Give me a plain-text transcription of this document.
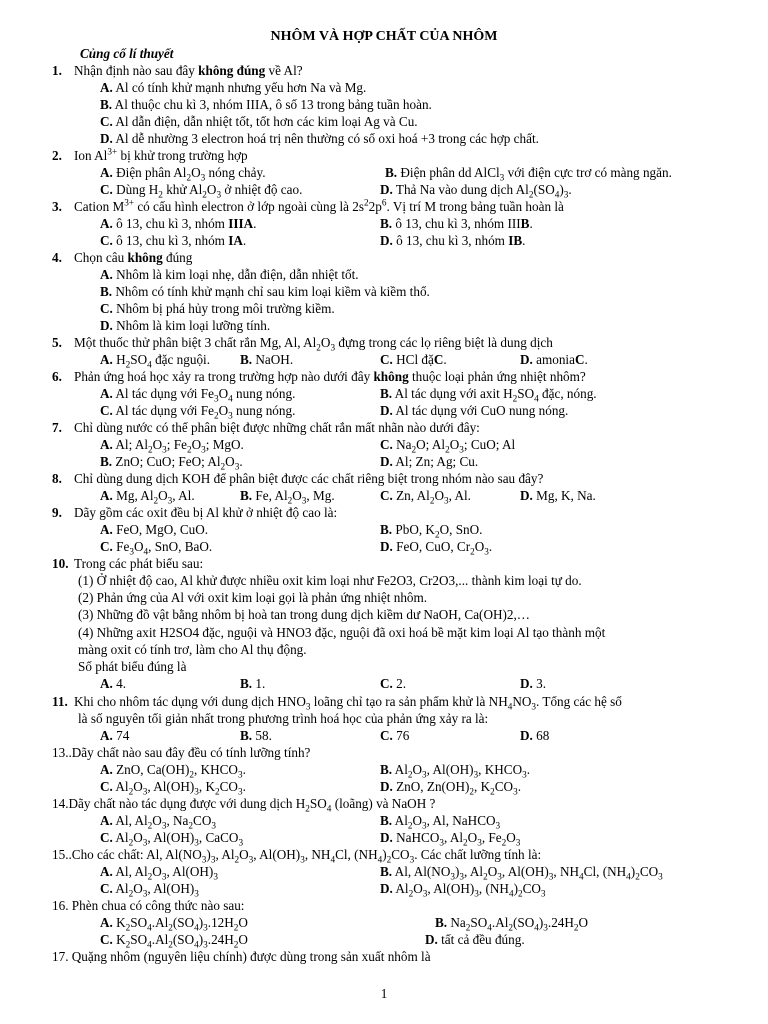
NHÔM VÀ HỢP CHẤT CỦA NHÔM
Củng cố lí thuyết
1. Nhận định nào sau đây không đúng về Al?
A. Al có tính khử mạnh nhưng yếu hơn Na và Mg.
B. Al thuộc chu kì 3, nhóm IIIA, ô số 13 trong bảng tuần hoàn.
C. Al dẫn điện, dẫn nhiệt tốt, tốt hơn các kim loại Ag và Cu.
D. Al dễ nhường 3 electron hoá trị nên thường có số oxi hoá +3 trong các hợp chất.
2. Ion $Al^{3+}$ bị khử trong trường hợp
A. Điện phân $Al_2O_3$ nóng chảy.	B. Điện phân dd AlCl$_3$ với điện cực trơ có màng ngăn.
C. Dùng $H_2$ khử $Al_2O_3$ ở nhiệt độ cao.	D. Thả Na vào dung dịch $Al_2(SO_4)_3$.
3. Cation $M^{3+}$ có cấu hình electron ở lớp ngoài cùng là $2s^22p^6$. Vị trí M trong bảng tuần hoàn là
A. ô 13, chu kì 3, nhóm IIIA.	B. ô 13, chu kì 3, nhóm IIIB.
C. ô 13, chu kì 3, nhóm IA.	D. ô 13, chu kì 3, nhóm IB.
4. Chọn câu không đúng
A. Nhôm là kim loại nhẹ, dẫn điện, dẫn nhiệt tốt.
B. Nhôm có tính khử mạnh chỉ sau kim loại kiềm và kiềm thổ.
C. Nhôm bị phá hủy trong môi trường kiềm.
D. Nhôm là kim loại lưỡng tính.
5. Một thuốc thử phân biệt 3 chất rắn Mg, Al, $Al_2O_3$ đựng trong các lọ riêng biệt là dung dịch
A. $H_2SO_4$ đặc nguội. B. NaOH.	C. HCl đặC.	D. amoniaC.
6. Phản ứng hoá học xảy ra trong trường hợp nào dưới đây không thuộc loại phản ứng nhiệt nhôm?
A. Al tác dụng với $Fe_3O_4$ nung nóng.	B. Al tác dụng với axit $H_2SO_4$ đặc, nóng.
C. Al tác dụng với $Fe_2O_3$ nung nóng.	D. Al tác dụng với CuO nung nóng.
7. Chỉ dùng nước có thể phân biệt được những chất rắn mất nhãn nào dưới đây:
A. Al; $Al_2O_3$; $Fe_2O_3$; MgO.	C. $Na_2O$; $Al_2O_3$; CuO; Al
B. ZnO; CuO; FeO; $Al_2O_3$.	D. Al; Zn; Ag; Cu.
8. Chỉ dùng dung dịch KOH để phân biệt được các chất riêng biệt trong nhóm nào sau đây?
A. Mg, $Al_2O_3$, Al.	B. Fe, $Al_2O_3$, Mg.	C. Zn, $Al_2O_3$, Al.	D. Mg, K, Na.
9. Dãy gồm các oxit đều bị Al khử ở nhiệt độ cao là:
A. FeO, MgO, CuO.	B. PbO, $K_2O$, SnO.
C. $Fe_3O_4$, SnO, BaO.	D. FeO, CuO, $Cr_2O_3$.
10. Trong các phát biểu sau:
(1) Ở nhiệt độ cao, Al khử được nhiều oxit kim loại như Fe2O3, Cr2O3,... thành kim loại tự do.
(2) Phản ứng của Al với oxit kim loại gọi là phản ứng nhiệt nhôm.
(3) Những đồ vật bằng nhôm bị hoà tan trong dung dịch kiềm dư NaOH, Ca(OH)2,…
(4) Những axit H2SO4 đặc, nguội và HNO3 đặc, nguội đã oxi hoá bề mặt kim loại Al tạo thành một
màng oxit có tính trơ, làm cho Al thụ động.
Số phát biểu đúng là
A. 4.	B. 1.	C. 2.	D. 3.
11. Khi cho nhôm tác dụng với dung dịch $HNO_3$ loãng chỉ tạo ra sản phẩm khử là $NH_4NO_3$. Tổng các hệ số
là số nguyên tối giản nhất trong phương trình hoá học của phản ứng xảy ra là:
A. 74	B. 58.	C. 76	D. 68
13..Dãy chất nào sau đây đều có tính lưỡng tính?
A. ZnO, $Ca(OH)_2$, $KHCO_3$.	B. $Al_2O_3$, $Al(OH)_3$, $KHCO_3$.
C. $Al_2O_3$, $Al(OH)_3$, $K_2CO_3$.	D. ZnO, $Zn(OH)_2$, $K_2CO_3$.
14.Dãy chất nào tác dụng được với dung dịch $H_2SO_4$ (loãng) và NaOH ?
A. Al, $Al_2O_3$, $Na_2CO_3$	B. $Al_2O_3$, Al, NaHCO$_3$
C. $Al_2O_3$, $Al(OH)_3$, CaCO$_3$	D. NaHCO$_3$, $Al_2O_3$, $Fe_2O_3$
15..Cho các chất: Al, $Al(NO_3)_3$, $Al_2O_3$, $Al(OH)_3$, $NH_4Cl$, $(NH_4)_2CO_3$. Các chất lưỡng tính là:
A. Al, $Al_2O_3$, $Al(OH)_3$	B. Al, $Al(NO_3)_3$, $Al_2O_3$, $Al(OH)_3$, $NH_4Cl$, $(NH_4)_2CO_3$
C. $Al_2O_3$, $Al(OH)_3$	D. $Al_2O_3$, $Al(OH)_3$, $(NH_4)_2CO_3$
16. Phèn chua có công thức nào sau:
A. $K_2SO_4.Al_2(SO_4)_3.12H_2O$	B. $Na_2SO_4.Al_2(SO_4)_3.24H_2O$
C. $K_2SO_4.Al_2(SO_4)_3.24H_2O$	D. tất cả đều đúng.
17. Quặng nhôm (nguyên liệu chính) được dùng trong sản xuất nhôm là
1
